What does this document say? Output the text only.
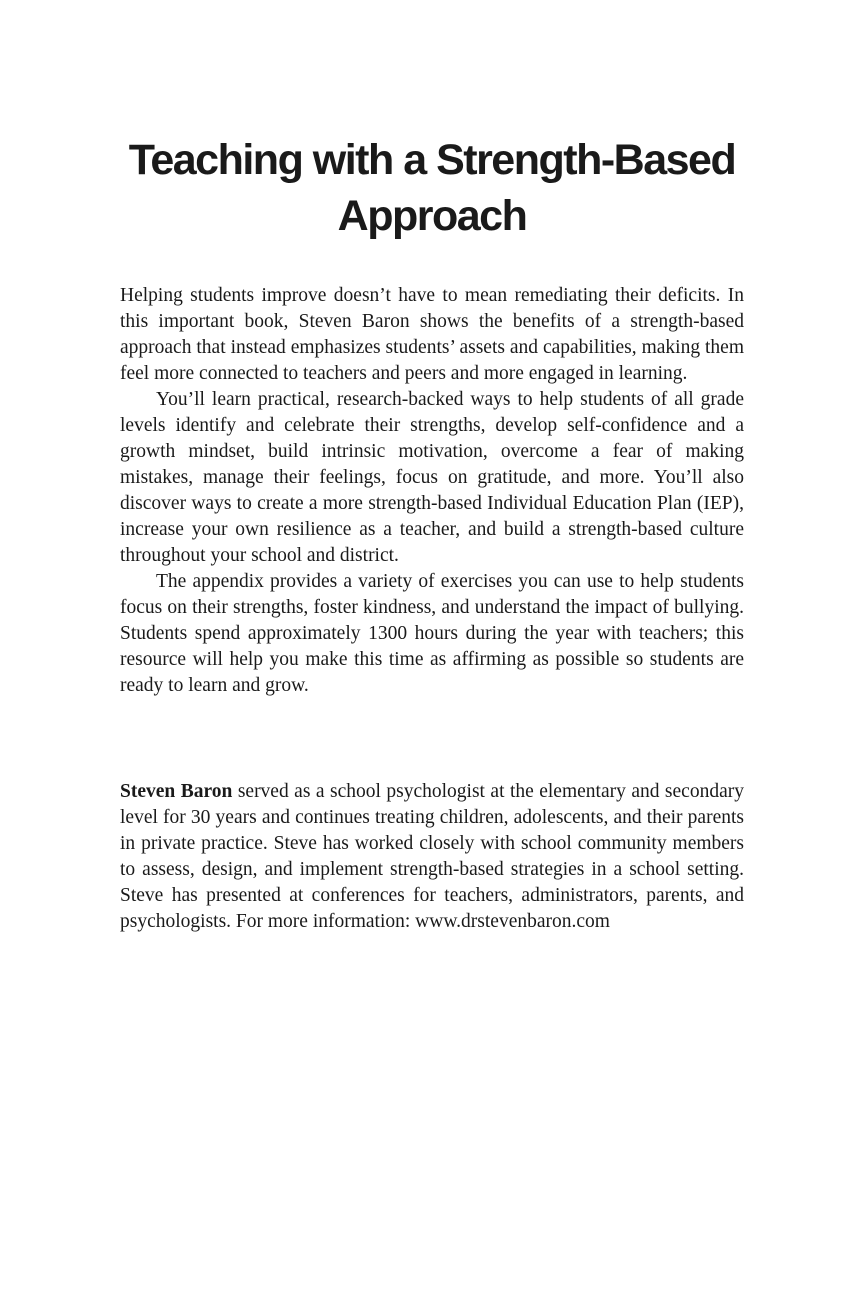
Teaching with a Strength-Based
Approach

Helping students improve doesn’t have to mean remediating their deficits. In this important book, Steven Baron shows the benefits of a strength-based approach that instead emphasizes students’ assets and capabilities, making them feel more connected to teachers and peers and more engaged in learning.

You’ll learn practical, research-backed ways to help students of all grade levels identify and celebrate their strengths, develop self-confidence and a growth mindset, build intrinsic motivation, overcome a fear of making mistakes, manage their feelings, focus on gratitude, and more. You’ll also discover ways to create a more strength-based Individual Education Plan (IEP), increase your own resilience as a teacher, and build a strength-based culture throughout your school and district.

The appendix provides a variety of exercises you can use to help students focus on their strengths, foster kindness, and understand the impact of bullying. Students spend approximately 1300 hours during the year with teachers; this resource will help you make this time as affirming as possible so students are ready to learn and grow.

Steven Baron served as a school psychologist at the elementary and secondary level for 30 years and continues treating children, adolescents, and their parents in private practice. Steve has worked closely with school community members to assess, design, and implement strength-based strategies in a school setting. Steve has presented at conferences for teachers, administrators, parents, and psychologists. For more information: www.drstevenbaron.com
